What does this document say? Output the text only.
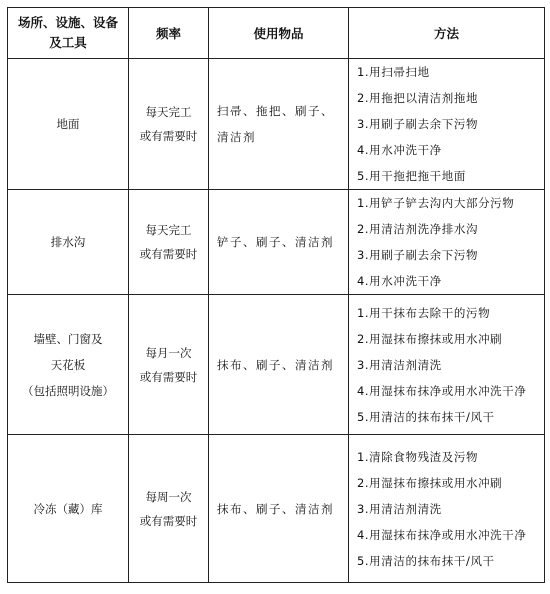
场所、设施、设备
及工具	频率	使用物品	方法

地面	每天完工
或有需要时	扫帚、拖把、刷子、清洁剂	1.用扫帚扫地
2.用拖把以清洁剂拖地
3.用刷子刷去余下污物
4.用水冲洗干净
5.用干拖把拖干地面

排水沟	每天完工
或有需要时	铲子、刷子、清洁剂	1.用铲子铲去沟内大部分污物
2.用清洁剂洗净排水沟
3.用刷子刷去余下污物
4.用水冲洗干净

墙壁、门窗及
天花板
（包括照明设施）	每月一次
或有需要时	抹布、刷子、清洁剂	1.用干抹布去除干的污物
2.用湿抹布擦抹或用水冲刷
3.用清洁剂清洗
4.用湿抹布抹净或用水冲洗干净
5.用清洁的抹布抹干/风干

冷冻（藏）库	每周一次
或有需要时	抹布、刷子、清洁剂	1.清除食物残渣及污物
2.用湿抹布擦抹或用水冲刷
3.用清洁剂清洗
4.用湿抹布抹净或用水冲洗干净
5.用清洁的抹布抹干/风干
